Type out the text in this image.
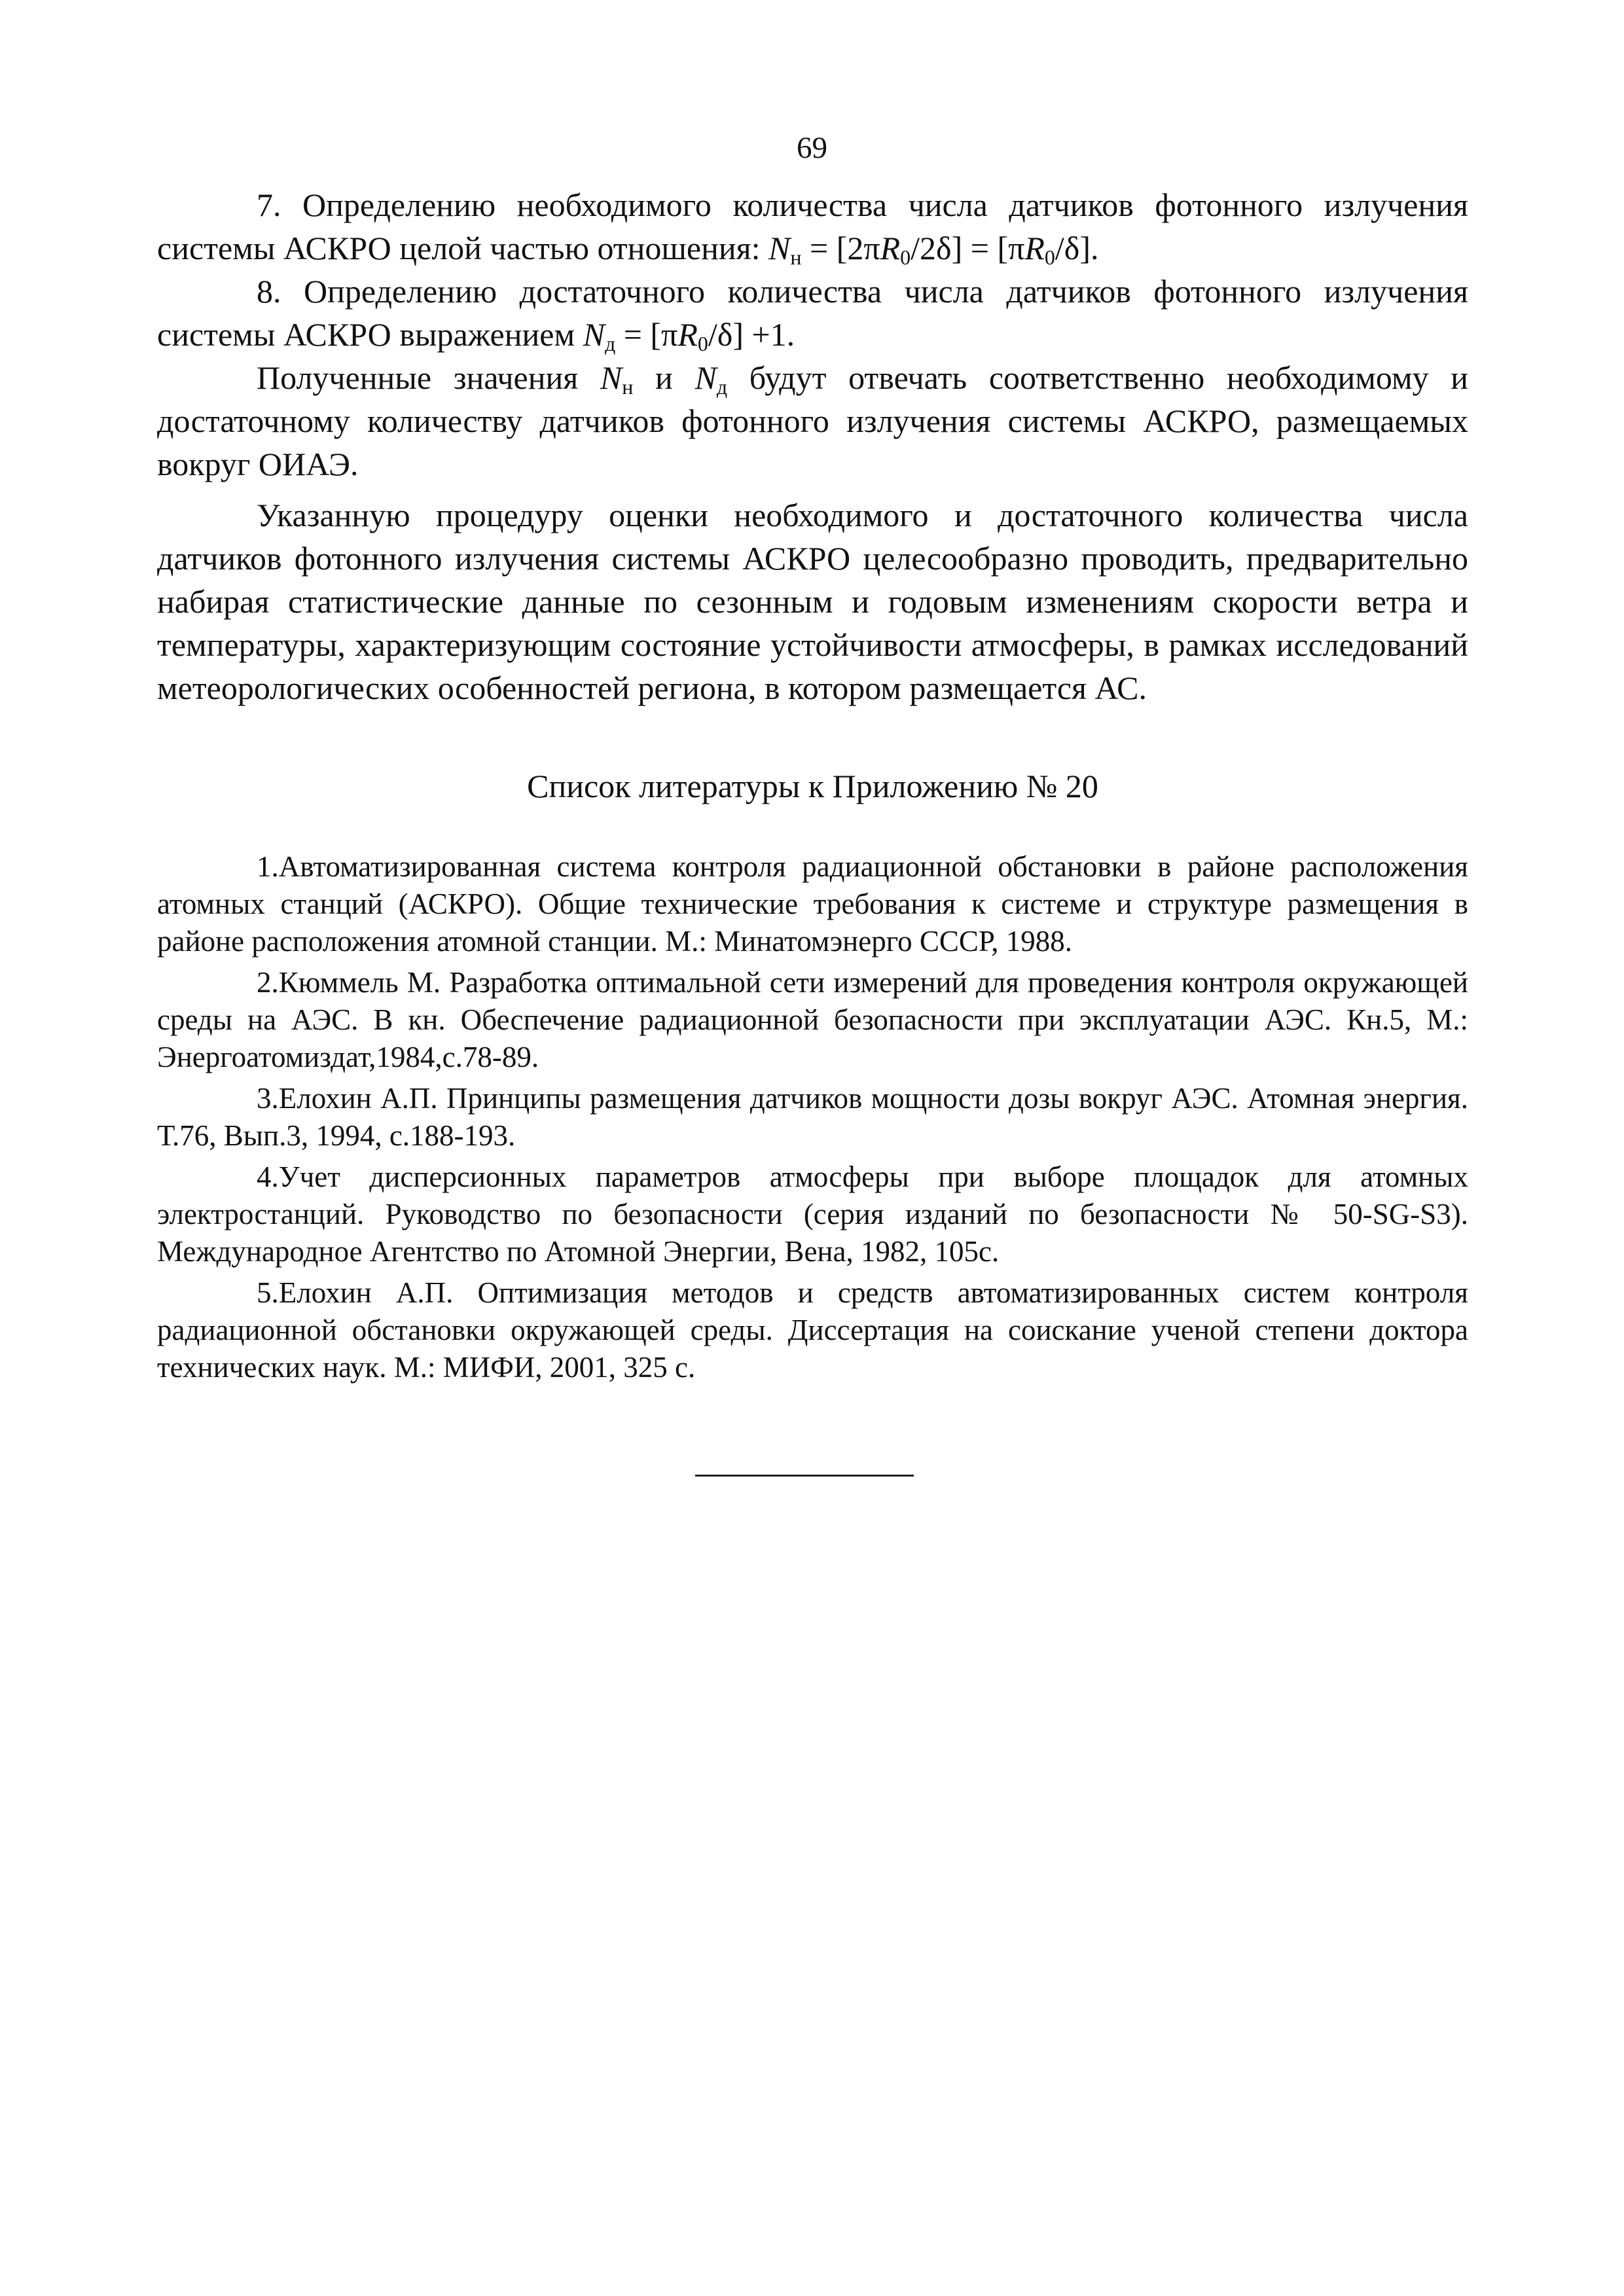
69

7. Определению необходимого количества числа датчиков фотонного излучения системы АСКРО целой частью отношения: $N_н = [2\pi R_0/2\delta] = [\pi R_0/\delta]$.

8. Определению достаточного количества числа датчиков фотонного излучения системы АСКРО выражением $N_д = [\pi R_0/\delta] +1$.

Полученные значения $N_н$ и $N_д$ будут отвечать соответственно необходимому и достаточному количеству датчиков фотонного излучения системы АСКРО, размещаемых вокруг ОИАЭ.

Указанную процедуру оценки необходимого и достаточного количества числа датчиков фотонного излучения системы АСКРО целесообразно проводить, предварительно набирая статистические данные по сезонным и годовым изменениям скорости ветра и температуры, характеризующим состояние устойчивости атмосферы, в рамках исследований метеорологических особенностей региона, в котором размещается АС.

Список литературы к Приложению № 20

1.Автоматизированная система контроля радиационной обстановки в районе расположения атомных станций (АСКРО). Общие технические требования к системе и структуре размещения в районе расположения атомной станции. М.: Минатомэнерго СССР, 1988.

2.Кюммель М. Разработка оптимальной сети измерений для проведения контроля окружающей среды на АЭС. В кн. Обеспечение радиационной безопасности при эксплуатации АЭС. Кн.5, М.: Энергоатомиздат,1984,с.78-89.

3.Елохин А.П. Принципы размещения датчиков мощности дозы вокруг АЭС. Атомная энергия. Т.76, Вып.3, 1994, с.188-193.

4.Учет дисперсионных параметров атмосферы при выборе площадок для атомных электростанций. Руководство по безопасности (серия изданий по безопасности № 50-SG-S3). Международное Агентство по Атомной Энергии, Вена, 1982, 105с.

5.Елохин А.П. Оптимизация методов и средств автоматизированных систем контроля радиационной обстановки окружающей среды. Диссертация на соискание ученой степени доктора технических наук. М.: МИФИ, 2001, 325 с.
